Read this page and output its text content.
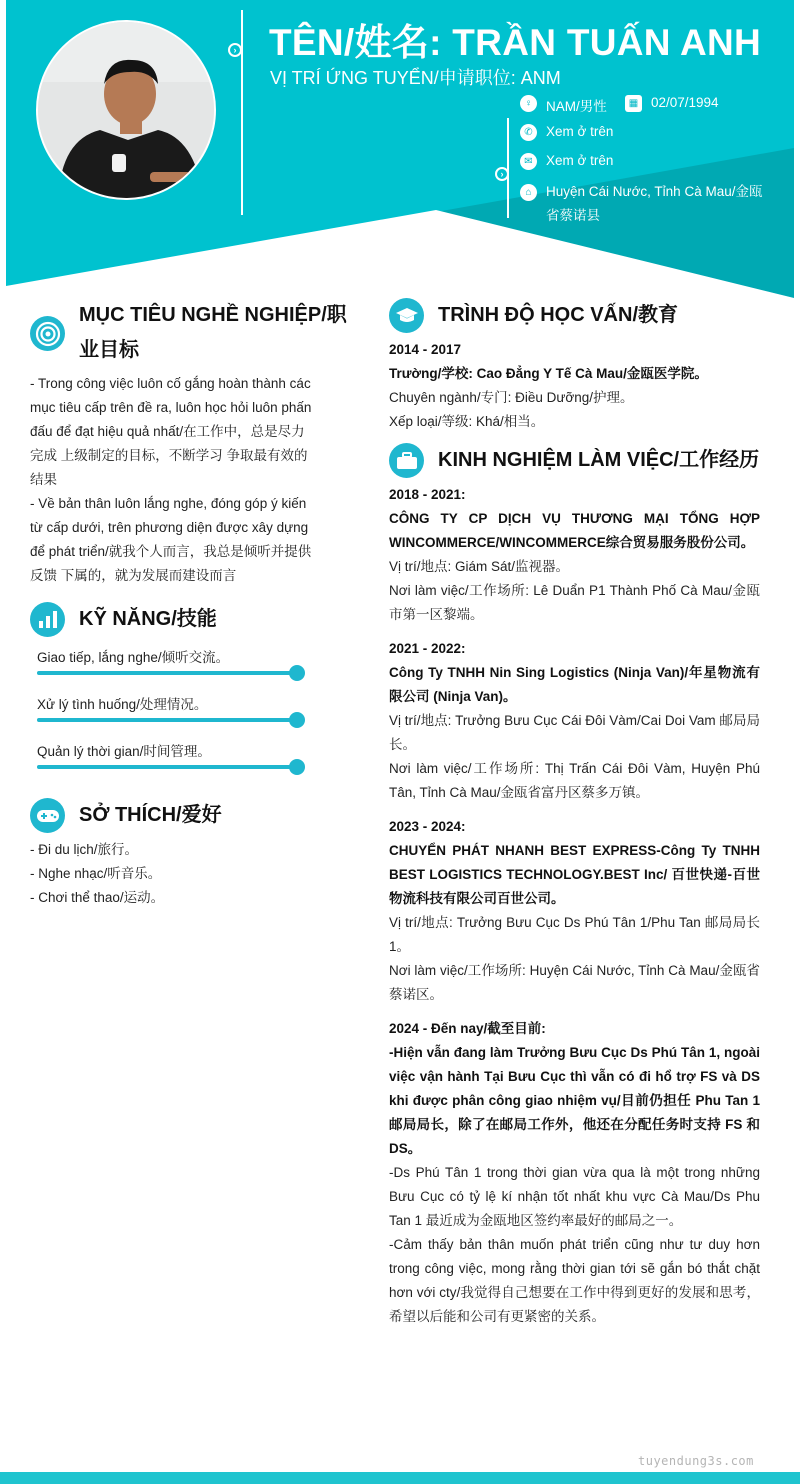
› TÊN/姓名: TRẦN TUẤN ANH
VỊ TRÍ ỨNG TUYỂN/申请职位: ANM
♀	NAM/男性	▦ 02/07/1994
›
✆ Xem ở trên
✉ Xem ở trên
⌂	Huyện Cái Nước, Tỉnh Cà Mau/金瓯省蔡诺县
MỤC TIÊU NGHỀ NGHIỆP/职业目标
- Trong công việc luôn cố gắng hoàn thành các mục tiêu cấp trên đề ra, luôn học hỏi luôn phấn đấu để đạt hiệu quả nhất/在工作中，总是尽力完成 上级制定的目标，不断学习 争取最有效的结果
- Về bản thân luôn lắng nghe, đóng góp ý kiến từ cấp dưới, trên phương diện được xây dựng để phát triển/就我个人而言，我总是倾听并提供反馈 下属的，就为发展而建设而言
KỸ NĂNG/技能
Giao tiếp, lắng nghe/倾听交流。
Xử lý tình huống/处理情况。
Quản lý thời gian/时间管理。
SỞ THÍCH/爱好
- Đi du lịch/旅行。
- Nghe nhạc/听音乐。
- Chơi thể thao/运动。
TRÌNH ĐỘ HỌC VẤN/教育
2014 - 2017
Trường/学校: Cao Đẳng Y Tế Cà Mau/金瓯医学院。
Chuyên ngành/专门: Điều Dưỡng/护理。
Xếp loại/等级: Khá/相当。
KINH NGHIỆM LÀM VIỆC/工作经历
2018 - 2021:
CÔNG TY CP DỊCH VỤ THƯƠNG MẠI TỔNG HỢP WINCOMMERCE/WINCOMMERCE综合贸易服务股份公司。
Vị trí/地点: Giám Sát/监视器。
Nơi làm việc/工作场所: Lê Duẩn P1 Thành Phố Cà Mau/金瓯市第一区黎端。
2021 - 2022:
Công Ty TNHH Nin Sing Logistics (Ninja Van)/年星物流有限公司 (Ninja Van)。
Vị trí/地点: Trưởng Bưu Cục Cái Đôi Vàm/Cai Doi Vam 邮局局长。
Nơi làm việc/工作场所: Thị Trấn Cái Đôi Vàm, Huyện Phú Tân, Tỉnh Cà Mau/金瓯省富丹区蔡多万镇。
2023 - 2024:
CHUYỂN PHÁT NHANH BEST EXPRESS-Công Ty TNHH BEST LOGISTICS TECHNOLOGY.BEST Inc/ 百世快递-百世物流科技有限公司百世公司。
Vị trí/地点: Trưởng Bưu Cục Ds Phú Tân 1/Phu Tan 邮局局长1。
Nơi làm việc/工作场所: Huyện Cái Nước, Tỉnh Cà Mau/金瓯省蔡诺区。
2024 - Đến nay/截至目前:
-Hiện vẫn đang làm Trưởng Bưu Cục Ds Phú Tân 1, ngoài việc vận hành Tại Bưu Cục thì vẫn có đi hổ trợ FS và DS khi được phân công giao nhiệm vụ/目前仍担任 Phu Tan 1 邮局局长，除了在邮局工作外，他还在分配任务时支持 FS 和 DS。
-Ds Phú Tân 1 trong thời gian vừa qua là một trong những Bưu Cục có tỷ lệ kí nhận tốt nhất khu vực Cà Mau/Ds Phu Tan 1 最近成为金瓯地区签约率最好的邮局之一。
-Cảm thấy bản thân muốn phát triển cũng như tư duy hơn trong công việc, mong rằng thời gian tới sẽ gắn bó thắt chặt hơn với cty/我觉得自己想要在工作中得到更好的发展和思考，希望以后能和公司有更紧密的关系。
tuyendung3s.com
